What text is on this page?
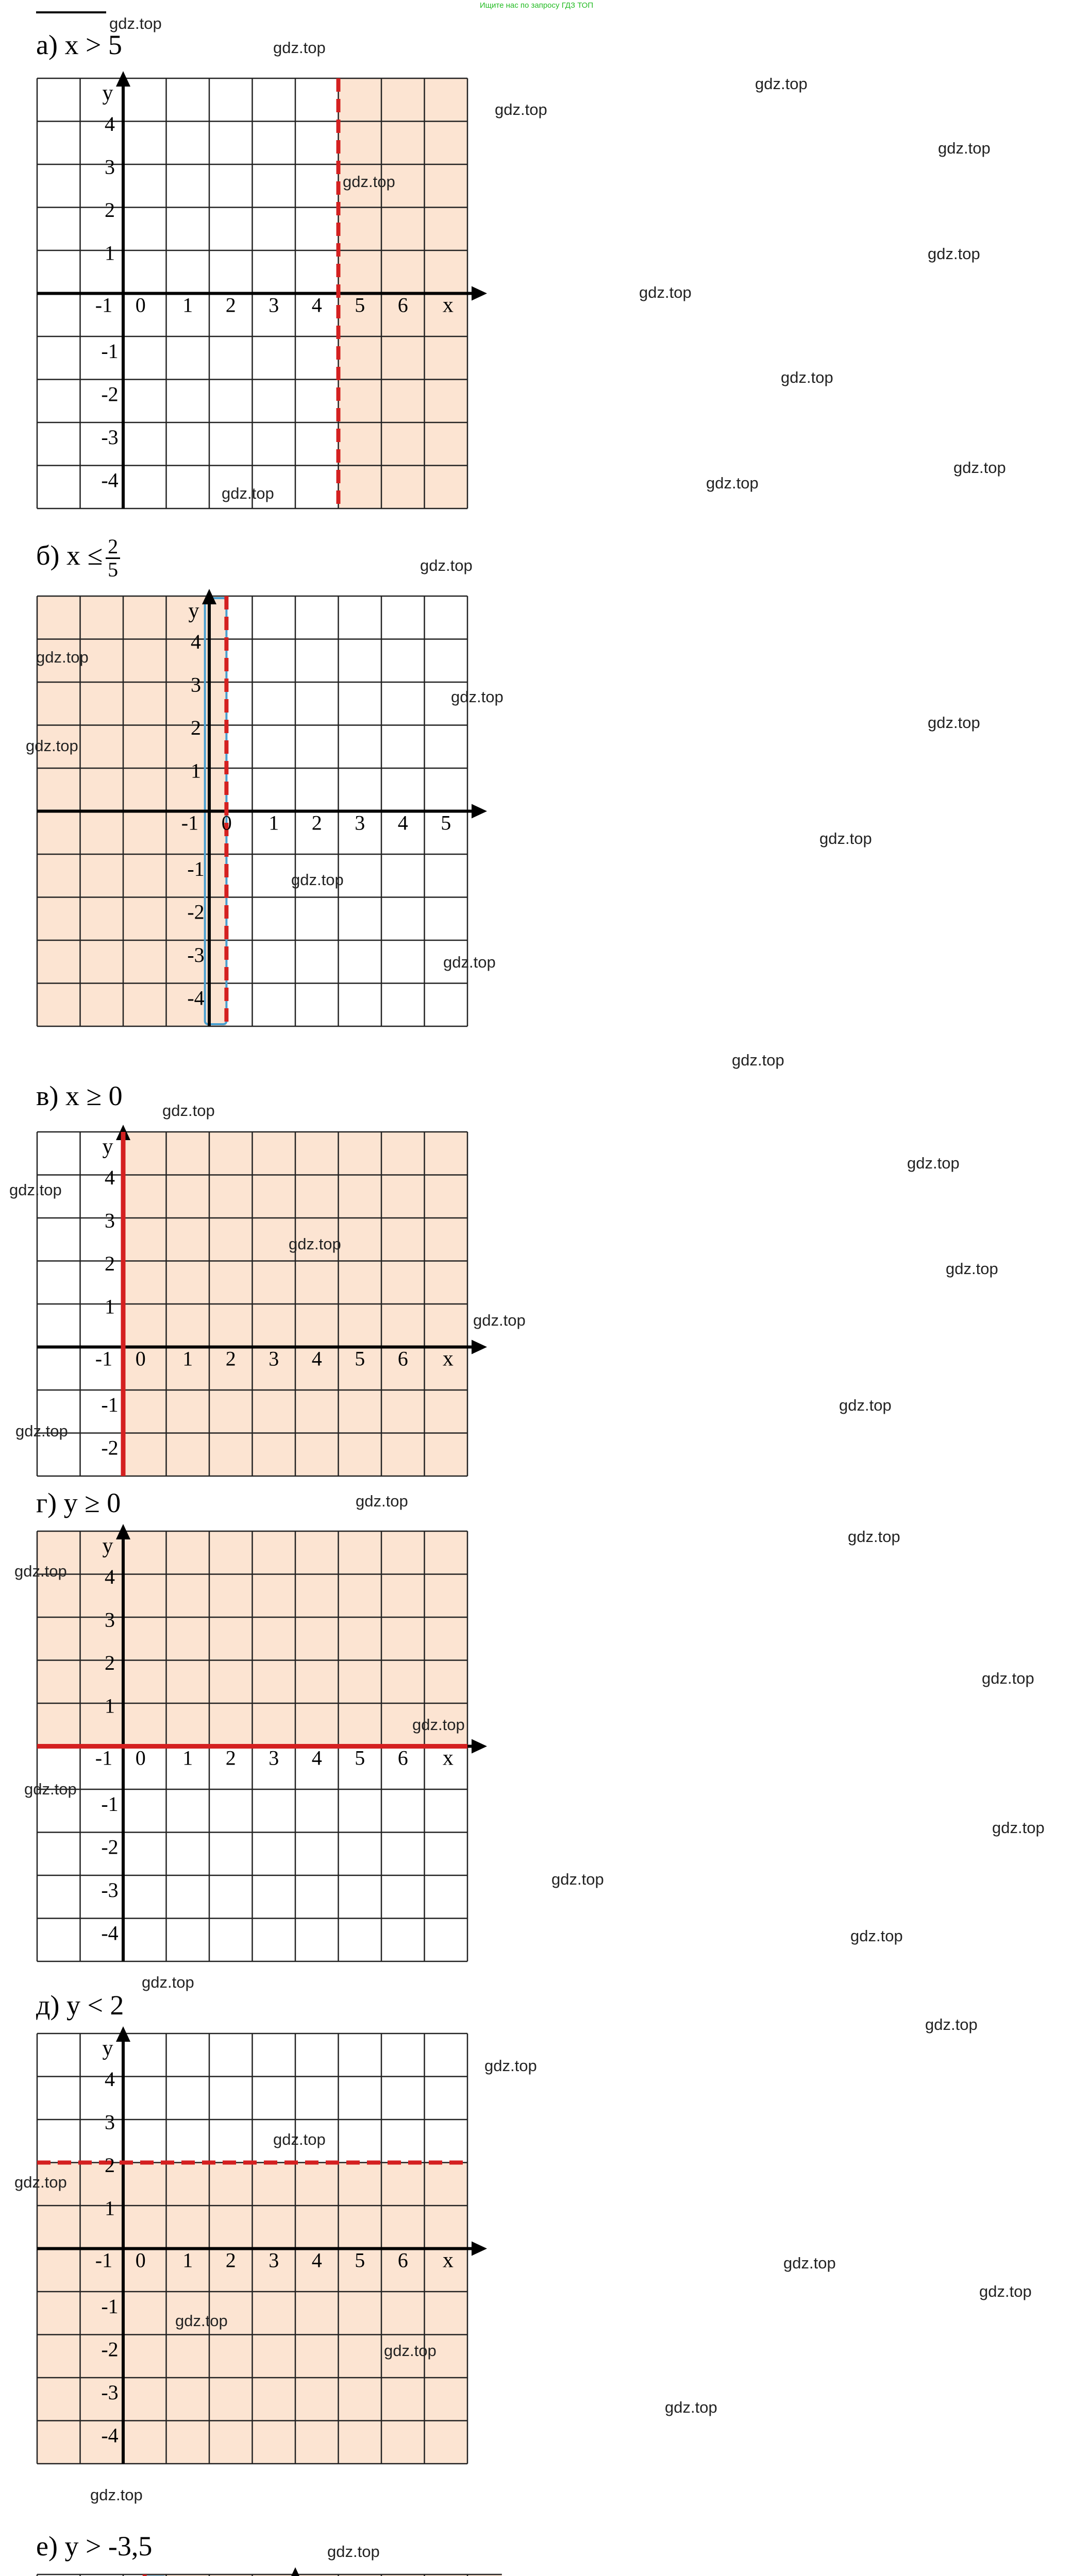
Ищите нас по запросу ГДЗ ТОП
а) x > 5
б) $x \le \frac{2}{5}$
в) x ≥ 0
г) y ≥ 0
д) y < 2
е) y > -3,5
-1 0 1 2 3 4 5 6
4
3
2
1
-1
-2
-3
-4
x
y
-1 0 1 2 3 4 5
4
3
2
1
-1
-2
-3
-4
y
-1 0 1 2 3 4 5 6
4
3
2
1
-1
-2
x
y
-1 0 1 2 3 4 5 6
4
3
2
1
-1
-2
-3
-4
x
y
-1 0 1 2 3 4 5 6
4
3
2
1
-1
-2
-3
-4
x
y
gdz.top
gdz.top
gdz.top
gdz.top
gdz.top
gdz.top
gdz.top
gdz.top
gdz.top
gdz.top
gdz.top
gdz.top
gdz.top
gdz.top
gdz.top
gdz.top
gdz.top
gdz.top
gdz.top
gdz.top
gdz.top
gdz.top
gdz.top
gdz.top
gdz.top
gdz.top
gdz.top
gdz.top
gdz.top
gdz.top
gdz.top
gdz.top
gdz.top
gdz.top
gdz.top
gdz.top
gdz.top
gdz.top
gdz.top
gdz.top
gdz.top
gdz.top
gdz.top
gdz.top
gdz.top
gdz.top
gdz.top
gdz.top
gdz.top
gdz.top
